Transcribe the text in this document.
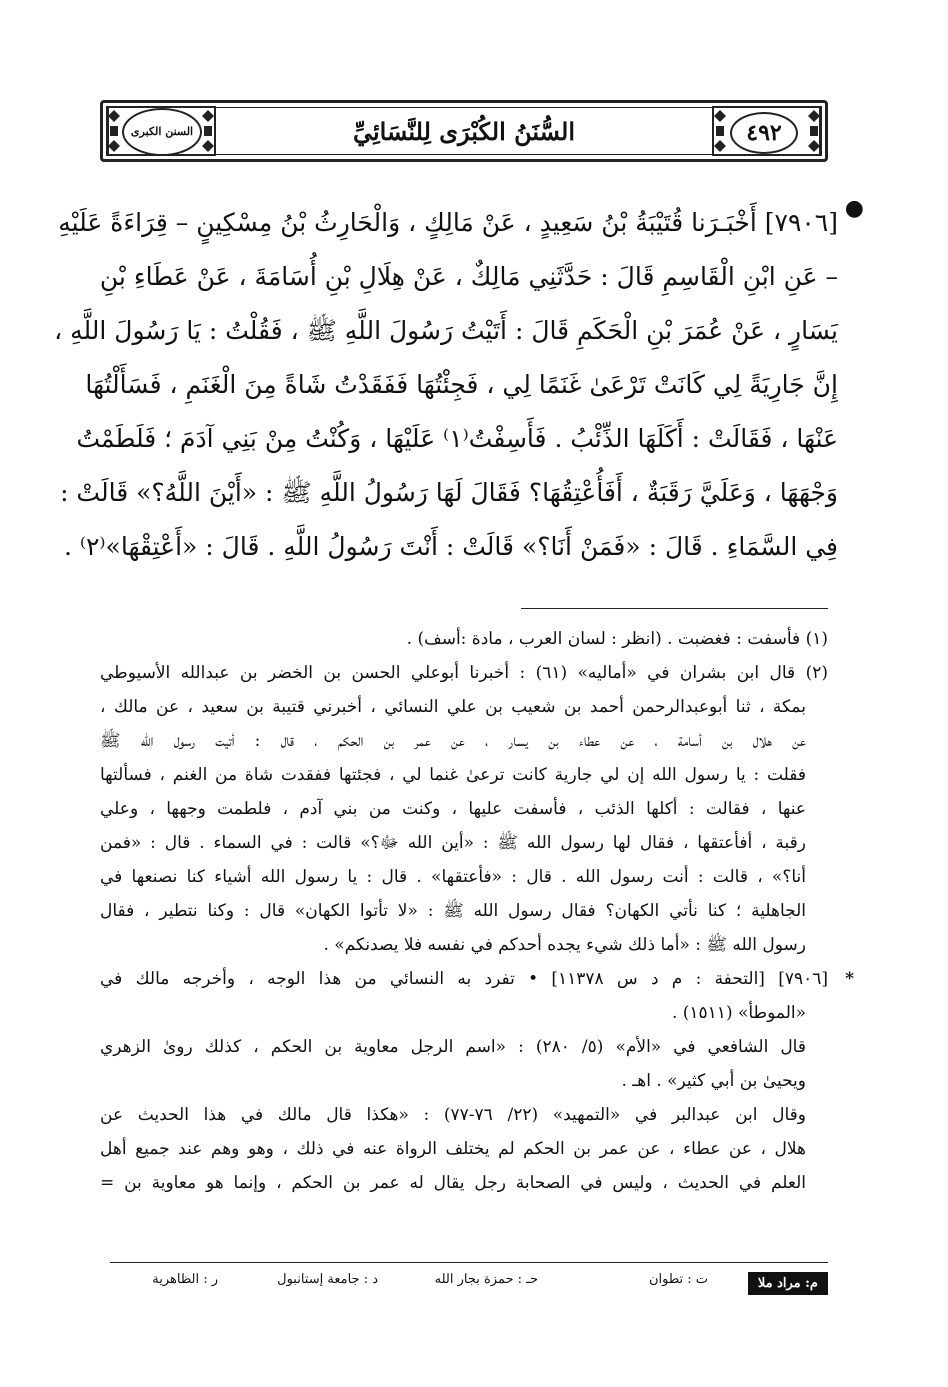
٤٩٢
السُّنَنُ الكُبْرَى لِلنَّسَائِيِّ
السنن الكبرى
●
[٧٩٠٦] أَخْبَـرَنا قُتَيْبَةُ بْنُ سَعِيدٍ ، عَنْ مَالِكٍ ، وَالْحَارِثُ بْنُ مِسْكِينٍ – قِرَاءَةً عَلَيْهِ
– عَنِ ابْنِ الْقَاسِمِ قَالَ : حَدَّثَنِي مَالِكٌ ، عَنْ هِلَالِ بْنِ أُسَامَةَ ، عَنْ عَطَاءِ بْنِ
يَسَارٍ ، عَنْ عُمَرَ بْنِ الْحَكَمِ قَالَ : أَتَيْتُ رَسُولَ اللَّهِ ﷺ ، فَقُلْتُ : يَا رَسُولَ اللَّهِ ،
إِنَّ جَارِيَةً لِي كَانَتْ تَرْعَىٰ غَنَمًا لِي ، فَجِئْتُهَا فَفَقَدْتُ شَاةً مِنَ الْغَنَمِ ، فَسَأَلْتُهَا
عَنْهَا ، فَقَالَتْ : أَكَلَهَا الذِّئْبُ . فَأَسِفْتُ⁽١⁾ عَلَيْهَا ، وَكُنْتُ مِنْ بَنِي آدَمَ ؛ فَلَطَمْتُ
وَجْهَهَا ، وَعَلَيَّ رَقَبَةٌ ، أَفَأُعْتِقُهَا؟ فَقَالَ لَهَا رَسُولُ اللَّهِ ﷺ : «أَيْنَ اللَّهُ؟» قَالَتْ :
فِي السَّمَاءِ . قَالَ : «فَمَنْ أَنَا؟» قَالَتْ : أَنْتَ رَسُولُ اللَّهِ . قَالَ : «أَعْتِقْهَا»⁽٢⁾ .
(١) فأسفت : فغضبت . (انظر : لسان العرب ، مادة :أسف) .
(٢) قال ابن بشران في «أماليه» (٦١) : أخبرنا أبوعلي الحسن بن الخضر بن عبدالله الأسيوطي
بمكة ، ثنا أبوعبدالرحمن أحمد بن شعيب بن علي النسائي ، أخبرني قتيبة بن سعيد ، عن مالك ،
عن هلال بن أسامة ، عن عطاء بن يسار ، عن عمر بن الحكم ، قال : أتيت رسول الله ﷺ
فقلت : يا رسول الله إن لي جارية كانت ترعىٰ غنما لي ، فجئتها ففقدت شاة من الغنم ، فسألتها
عنها ، فقالت : أكلها الذئب ، فأسفت عليها ، وكنت من بني آدم ، فلطمت وجهها ، وعلي
رقبة ، أفأعتقها ، فقال لها رسول الله ﷺ : «أين الله ﷻ؟» قالت : في السماء . قال : «فمن
أنا؟» ، قالت : أنت رسول الله . قال : «فأعتقها» . قال : يا رسول الله أشياء كنا نصنعها في
الجاهلية ؛ كنا نأتي الكهان؟ فقال رسول الله ﷺ : «لا تأتوا الكهان» قال : وكنا نتطير ، فقال
رسول الله ﷺ : «أما ذلك شيء يجده أحدكم في نفسه فلا يصدنكم» .
*
[٧٩٠٦] [التحفة : م د س ١١٣٧٨] • تفرد به النسائي من هذا الوجه ، وأخرجه مالك في
«الموطأ» (١٥١١) .
قال الشافعي في «الأم» (٥/ ٢٨٠) : «اسم الرجل معاوية بن الحكم ، كذلك روىٰ الزهري
ويحيىٰ بن أبي كثير» . اهـ .
وقال ابن عبدالبر في «التمهيد» (٢٢/ ٧٦-٧٧) : «هكذا قال مالك في هذا الحديث عن
هلال ، عن عطاء ، عن عمر بن الحكم لم يختلف الرواة عنه في ذلك ، وهو وهم عند جميع أهل
العلم في الحديث ، وليس في الصحابة رجل يقال له عمر بن الحكم ، وإنما هو معاوية بن =
م: مراد ملا
ت : تطوان
حـ : حمزة بجار الله
د : جامعة إستانبول
ر : الظاهرية
